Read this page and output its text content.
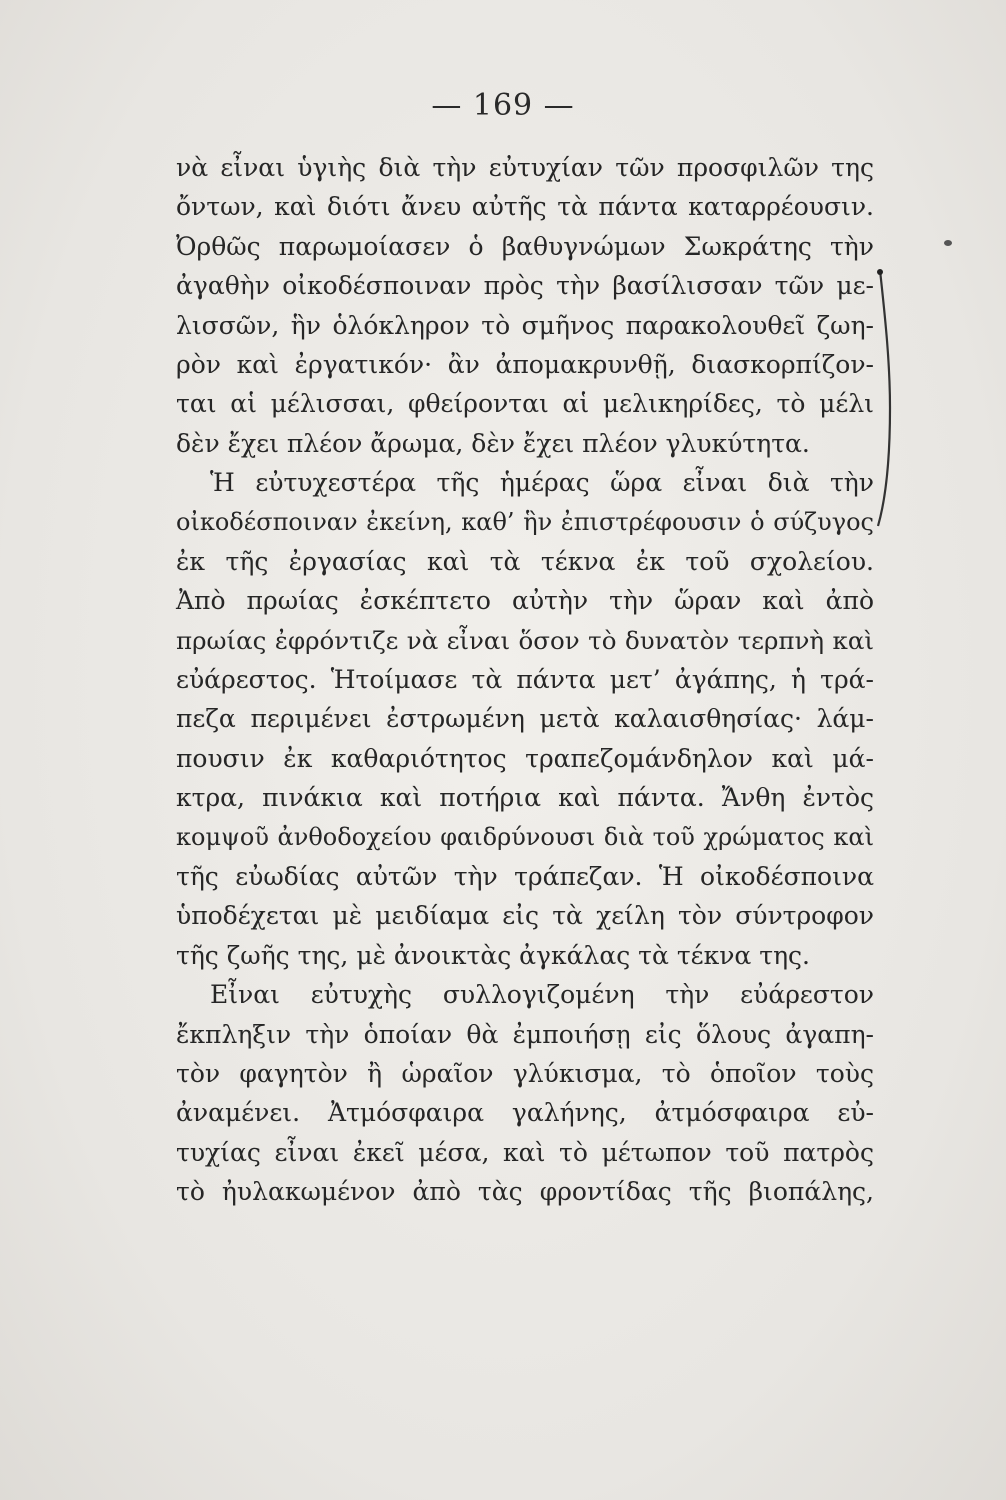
— 169 —
νὰ εἶναι ὑγιὴς διὰ τὴν εὐτυχίαν τῶν προσφιλῶν της
ὄντων, καὶ διότι ἄνευ αὐτῆς τὰ πάντα καταρρέουσιν.
Ὀρθῶς παρωμοίασεν ὁ βαθυγνώμων Σωκράτης τὴν
ἀγαθὴν οἰκοδέσποιναν πρὸς τὴν βασίλισσαν τῶν με-
λισσῶν, ἣν ὁλόκληρον τὸ σμῆνος παρακολουθεῖ ζωη-
ρὸν καὶ ἐργατικόν· ἂν ἀπομακρυνθῇ, διασκορπίζον-
ται αἱ μέλισσαι, φθείρονται αἱ μελικηρίδες, τὸ μέλι
δὲν ἔχει πλέον ἄρωμα, δὲν ἔχει πλέον γλυκύτητα.
Ἡ εὐτυχεστέρα τῆς ἡμέρας ὥρα εἶναι διὰ τὴν
οἰκοδέσποιναν ἐκείνη, καθ’ ἣν ἐπιστρέφουσιν ὁ σύζυγος
ἐκ τῆς ἐργασίας καὶ τὰ τέκνα ἐκ τοῦ σχολείου.
Ἀπὸ πρωίας ἐσκέπτετο αὐτὴν τὴν ὥραν καὶ ἀπὸ
πρωίας ἐφρόντιζε νὰ εἶναι ὅσον τὸ δυνατὸν τερπνὴ καὶ
εὐάρεστος. Ἡτοίμασε τὰ πάντα μετ’ ἀγάπης, ἡ τρά-
πεζα περιμένει ἐστρωμένη μετὰ καλαισθησίας· λάμ-
πουσιν ἐκ καθαριότητος τραπεζομάνδηλον καὶ μά-
κτρα, πινάκια καὶ ποτήρια καὶ πάντα. Ἄνθη ἐντὸς
κομψοῦ ἀνθοδοχείου φαιδρύνουσι διὰ τοῦ χρώματος καὶ
τῆς εὐωδίας αὐτῶν τὴν τράπεζαν. Ἡ οἰκοδέσποινα
ὑποδέχεται μὲ μειδίαμα εἰς τὰ χείλη τὸν σύντροφον
τῆς ζωῆς της, μὲ ἀνοικτὰς ἀγκάλας τὰ τέκνα της.
Εἶναι εὐτυχὴς συλλογιζομένη τὴν εὐάρεστον
ἔκπληξιν τὴν ὁποίαν θὰ ἐμποιήσῃ εἰς ὅλους ἀγαπη-
τὸν φαγητὸν ἢ ὡραῖον γλύκισμα, τὸ ὁποῖον τοὺς
ἀναμένει. Ἀτμόσφαιρα γαλήνης, ἀτμόσφαιρα εὐ-
τυχίας εἶναι ἐκεῖ μέσα, καὶ τὸ μέτωπον τοῦ πατρὸς
τὸ ἠυλακωμένον ἀπὸ τὰς φροντίδας τῆς βιοπάλης,
